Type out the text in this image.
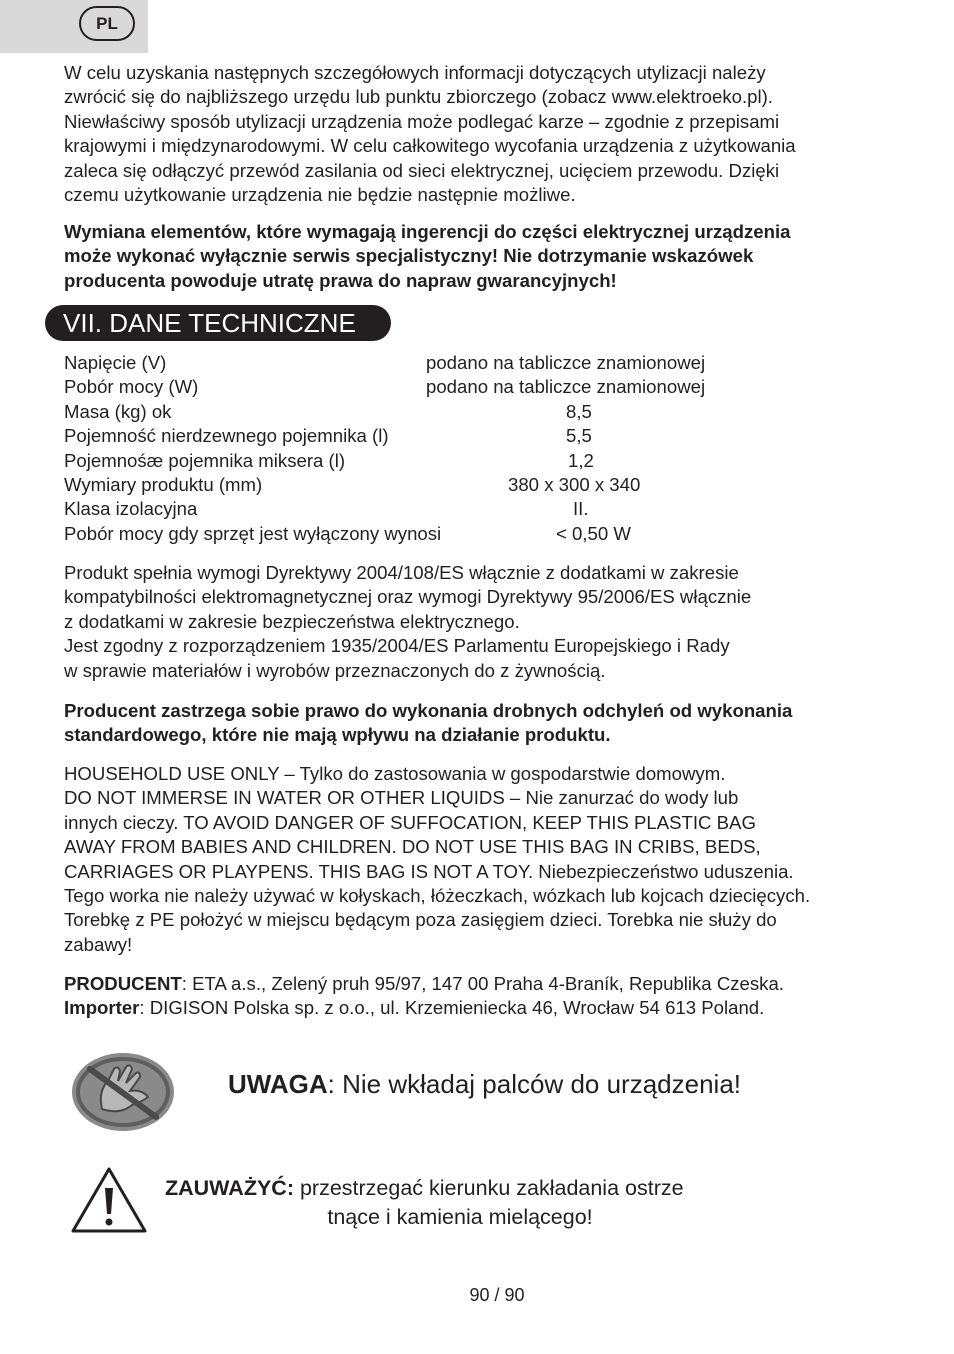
PL

W celu uzyskania następnych szczegółowych informacji dotyczących utylizacji należy
zwrócić się do najbliższego urzędu lub punktu zbiorczego (zobacz www.elektroeko.pl).
Niewłaściwy sposób utylizacji urządzenia może podlegać karze – zgodnie z przepisami
krajowymi i międzynarodowymi. W celu całkowitego wycofania urządzenia z użytkowania
zaleca się odłączyć przewód zasilania od sieci elektrycznej, ucięciem przewodu. Dzięki
czemu użytkowanie urządzenia nie będzie następnie możliwe.

Wymiana elementów, które wymagają ingerencji do części elektrycznej urządzenia
może wykonać wyłącznie serwis specjalistyczny! Nie dotrzymanie wskazówek
producenta powoduje utratę prawa do napraw gwarancyjnych!

VII. DANE TECHNICZNE
Napięcie (V)	podano na tabliczce znamionowej
Pobór mocy (W)	podano na tabliczce znamionowej
Masa (kg) ok	8,5
Pojemność nierdzewnego pojemnika (l)	5,5
Pojemnośæ pojemnika miksera (l)	1,2
Wymiary produktu (mm)	380 x 300 x 340
Klasa izolacyjna	II.
Pobór mocy gdy sprzęt jest wyłączony wynosi	< 0,50 W

Produkt spełnia wymogi Dyrektywy 2004/108/ES włącznie z dodatkami w zakresie
kompatybilności elektromagnetycznej oraz wymogi Dyrektywy 95/2006/ES włącznie
z dodatkami w zakresie bezpieczeństwa elektrycznego.
Jest zgodny z rozporządzeniem 1935/2004/ES Parlamentu Europejskiego i Rady
w sprawie materiałów i wyrobów przeznaczonych do z żywnością.

Producent zastrzega sobie prawo do wykonania drobnych odchyleń od wykonania
standardowego, które nie mają wpływu na działanie produktu.

HOUSEHOLD USE ONLY – Tylko do zastosowania w gospodarstwie domowym.
DO NOT IMMERSE IN WATER OR OTHER LIQUIDS – Nie zanurzać do wody lub
innych cieczy. TO AVOID DANGER OF SUFFOCATION, KEEP THIS PLASTIC BAG
AWAY FROM BABIES AND CHILDREN. DO NOT USE THIS BAG IN CRIBS, BEDS,
CARRIAGES OR PLAYPENS. THIS BAG IS NOT A TOY. Niebezpieczeństwo uduszenia.
Tego worka nie należy używać w kołyskach, łóżeczkach, wózkach lub kojcach dziecięcych.
Torebkę z PE położyć w miejscu będącym poza zasięgiem dzieci. Torebka nie służy do
zabawy!

PRODUCENT: ETA a.s., Zelený pruh 95/97, 147 00 Praha 4-Braník, Republika Czeska.
Importer: DIGISON Polska sp. z o.o., ul. Krzemieniecka 46, Wrocław 54 613 Poland.
UWAGA: Nie wkładaj palców do urządzenia!
ZAUWAŻYĆ: przestrzegać kierunku zakładania ostrze
tnące i kamienia mielącego!
90 / 90
